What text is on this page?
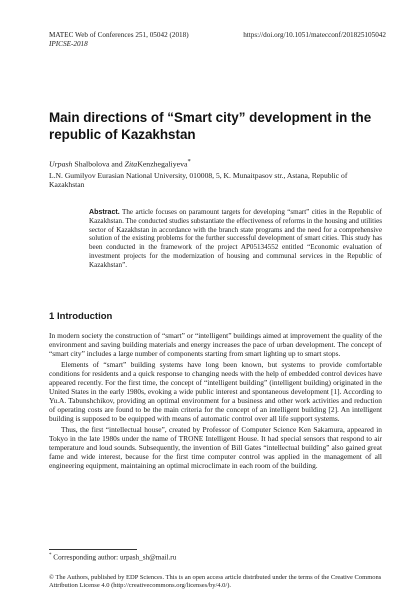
MATEC Web of Conferences 251, 05042 (2018)	https://doi.org/10.1051/matecconf/201825105042
IPICSE-2018
Main directions of “Smart city” development in the republic of Kazakhstan
Urpash Shalbolova and ZitaKenzhegaliyeva*
L.N. Gumilyov Eurasian National University, 010008, 5, K. Munaitpasov str., Astana, Republic of Kazakhstan
Abstract. The article focuses on paramount targets for developing “smart” cities in the Republic of Kazakhstan. The conducted studies substantiate the effectiveness of reforms in the housing and utilities sector of Kazakhstan in accordance with the branch state programs and the need for a comprehensive solution of the existing problems for the further successful development of smart cities. This study has been conducted in the framework of the project AP05134552 entitled “Economic evaluation of investment projects for the modernization of housing and communal services in the Republic of Kazakhstan”.
1 Introduction

In modern society the construction of “smart” or “intelligent” buildings aimed at improvement the quality of the environment and saving building materials and energy increases the pace of urban development. The concept of “smart city” includes a large number of components starting from smart lighting up to smart stops.

Elements of “smart” building systems have long been known, but systems to provide comfortable conditions for residents and a quick response to changing needs with the help of embedded control devices have appeared recently. For the first time, the concept of “intelligent building” (intelligent building) originated in the United States in the early 1980s, evoking a wide public interest and spontaneous development [1]. According to Yu.A. Tabunshchikov, providing an optimal environment for a business and other work activities and reduction of operating costs are found to be the main criteria for the concept of an intelligent building [2]. An intelligent building is supposed to be equipped with means of automatic control over all life support systems.

Thus, the first “intellectual house”, created by Professor of Computer Science Ken Sakamura, appeared in Tokyo in the late 1980s under the name of TRONE Intelligent House. It had special sensors that respond to air temperature and loud sounds. Subsequently, the invention of Bill Gates “intellectual building” also gained great fame and wide interest, because for the first time computer control was applied in the management of all engineering equipment, maintaining an optimal microclimate in each room of the building.

* Corresponding author: urpash_sh@mail.ru
© The Authors, published by EDP Sciences. This is an open access article distributed under the terms of the Creative Commons Attribution License 4.0 (http://creativecommons.org/licenses/by/4.0/).
